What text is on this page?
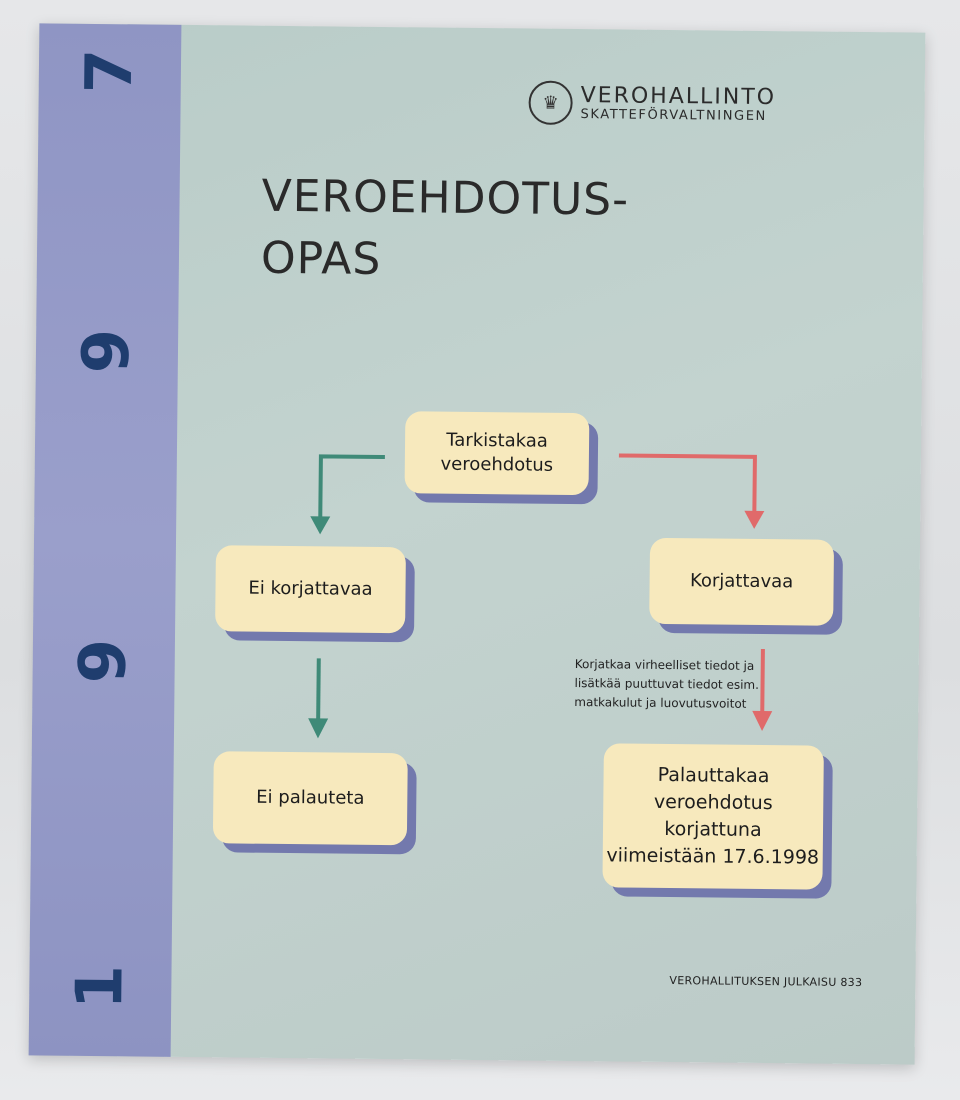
7
9
9
1
♛ VEROHALLINTO
SKATTEFÖRVALTNINGEN
VEROEHDOTUS-
OPAS
Tarkistakaa
veroehdotus
Ei korjattavaa
Ei palauteta
Korjattavaa
Korjatkaa virheelliset tiedot ja
lisätkää puuttuvat tiedot esim.
matkakulut ja luovutusvoitot
Palauttakaa
veroehdotus
korjattuna
viimeistään 17.6.1998
VEROHALLITUKSEN JULKAISU 833
